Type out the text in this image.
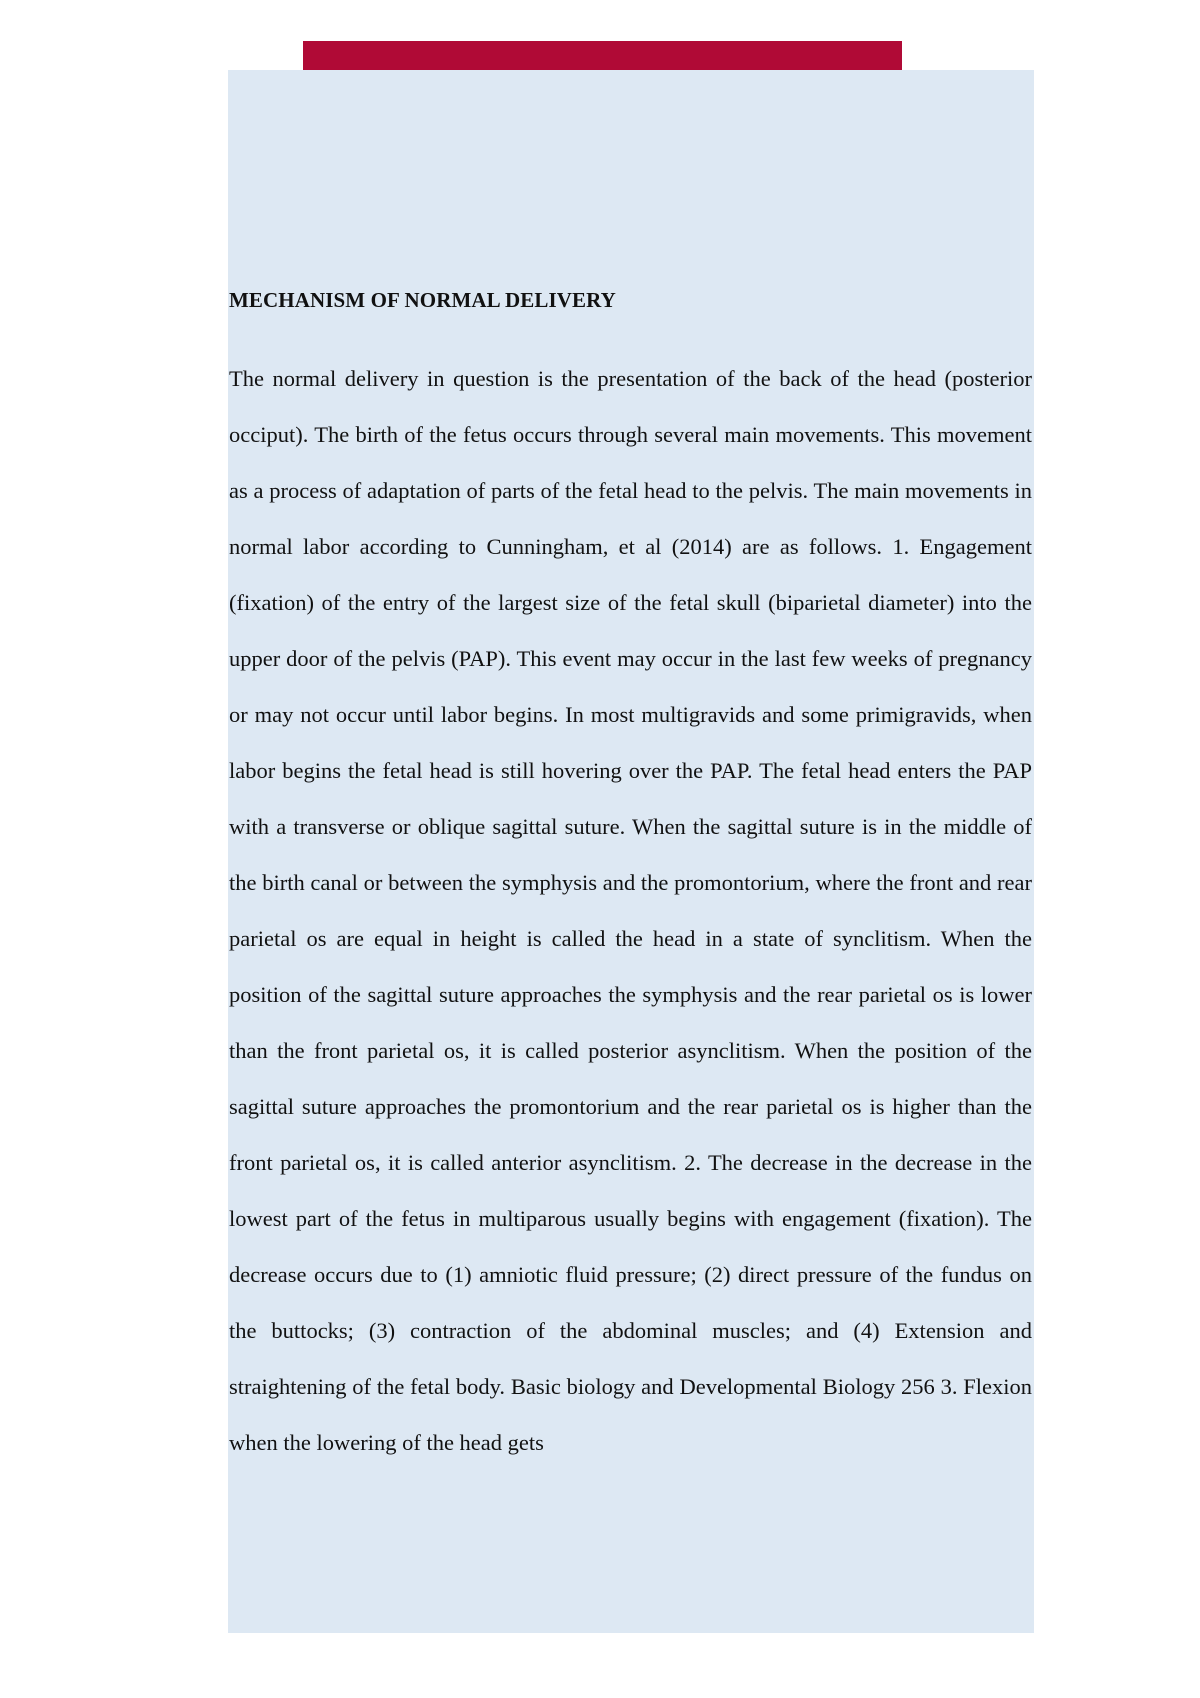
MECHANISM OF NORMAL DELIVERY

The normal delivery in question is the presentation of the back of the head (posterior occiput). The birth of the fetus occurs through several main movements. This movement as a process of adaptation of parts of the fetal head to the pelvis. The main movements in normal labor according to Cunningham, et al (2014) are as follows. 1. Engagement (fixation) of the entry of the largest size of the fetal skull (biparietal diameter) into the upper door of the pelvis (PAP). This event may occur in the last few weeks of pregnancy or may not occur until labor begins. In most multigravids and some primigravids, when labor begins the fetal head is still hovering over the PAP. The fetal head enters the PAP with a transverse or oblique sagittal suture. When the sagittal suture is in the middle of the birth canal or between the symphysis and the promontorium, where the front and rear parietal os are equal in height is called the head in a state of synclitism. When the position of the sagittal suture approaches the symphysis and the rear parietal os is lower than the front parietal os, it is called posterior asynclitism. When the position of the sagittal suture approaches the promontorium and the rear parietal os is higher than the front parietal os, it is called anterior asynclitism. 2. The decrease in the decrease in the lowest part of the fetus in multiparous usually begins with engagement (fixation). The decrease occurs due to (1) amniotic fluid pressure; (2) direct pressure of the fundus on the buttocks; (3) contraction of the abdominal muscles; and (4) Extension and straightening of the fetal body. Basic biology and Developmental Biology 256 3. Flexion when the lowering of the head gets
